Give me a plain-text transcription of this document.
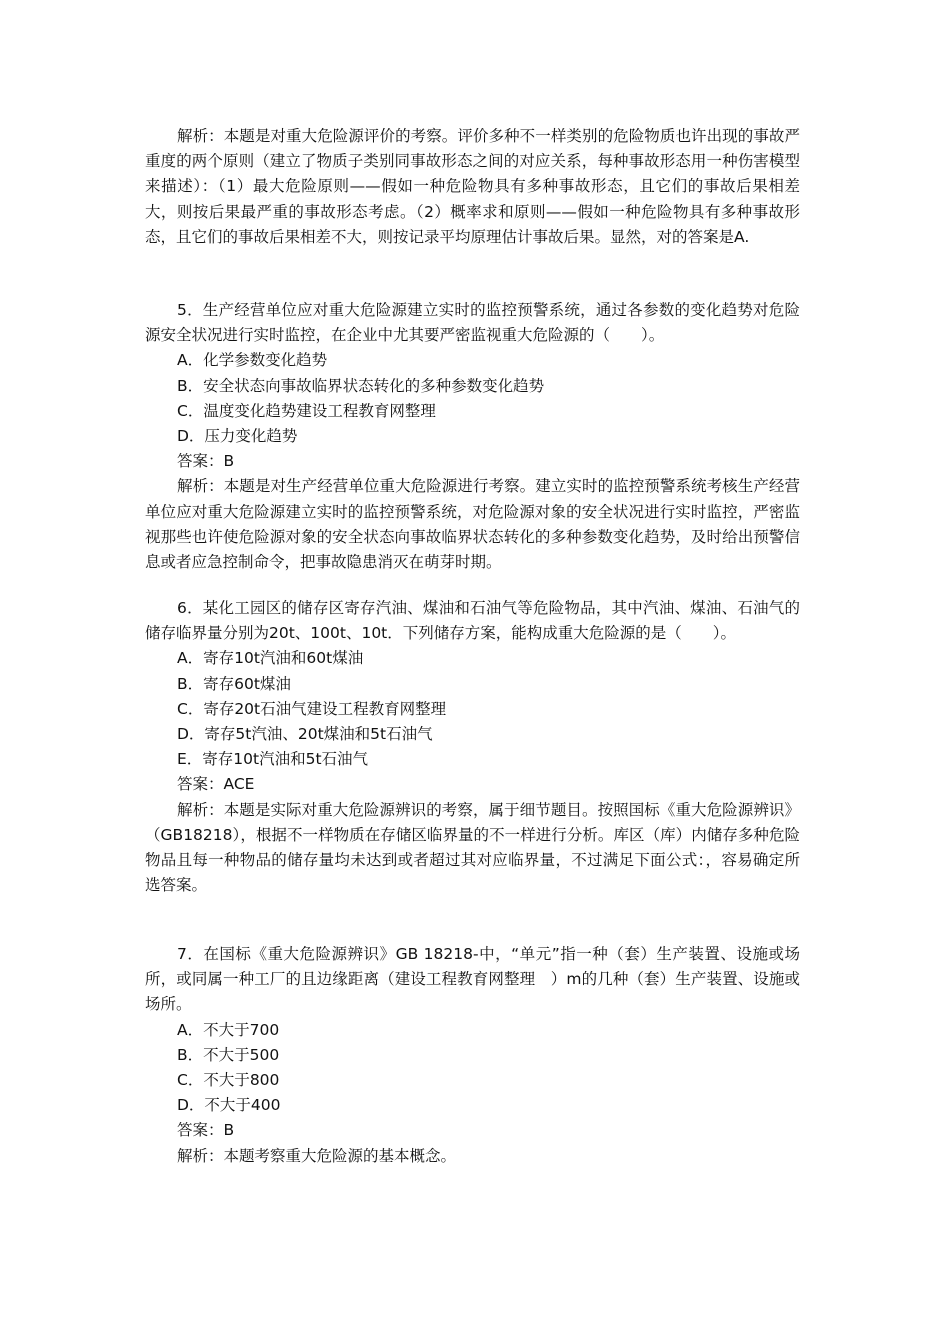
解析：本题是对重大危险源评价的考察。评价多种不一样类别的危险物质也许出现的事故严重度的两个原则（建立了物质子类别同事故形态之间的对应关系，每种事故形态用一种伤害模型来描述）：（1）最大危险原则——假如一种危险物具有多种事故形态，且它们的事故后果相差大，则按后果最严重的事故形态考虑。（2）概率求和原则——假如一种危险物具有多种事故形态，且它们的事故后果相差不大，则按记录平均原理估计事故后果。显然，对的答案是A.

5．生产经营单位应对重大危险源建立实时的监控预警系统，通过各参数的变化趋势对危险源安全状况进行实时监控，在企业中尤其要严密监视重大危险源的（　　）。

A．化学参数变化趋势

B．安全状态向事故临界状态转化的多种参数变化趋势

C．温度变化趋势建设工程教育网整理

D．压力变化趋势

答案：B

解析：本题是对生产经营单位重大危险源进行考察。建立实时的监控预警系统考核生产经营单位应对重大危险源建立实时的监控预警系统，对危险源对象的安全状况进行实时监控，严密监视那些也许使危险源对象的安全状态向事故临界状态转化的多种参数变化趋势，及时给出预警信息或者应急控制命令，把事故隐患消灭在萌芽时期。

6．某化工园区的储存区寄存汽油、煤油和石油气等危险物品，其中汽油、煤油、石油气的储存临界量分别为20t、100t、10t．下列储存方案，能构成重大危险源的是（　　）。

A．寄存10t汽油和60t煤油

B．寄存60t煤油

C．寄存20t石油气建设工程教育网整理

D．寄存5t汽油、20t煤油和5t石油气

E．寄存10t汽油和5t石油气

答案：ACE

解析：本题是实际对重大危险源辨识的考察，属于细节题目。按照国标《重大危险源辨识》（GB18218），根据不一样物质在存储区临界量的不一样进行分析。库区（库）内储存多种危险物品且每一种物品的储存量均未达到或者超过其对应临界量，不过满足下面公式：，容易确定所选答案。

7．在国标《重大危险源辨识》GB 18218-中，“单元”指一种（套）生产装置、设施或场所，或同属一种工厂的且边缘距离（建设工程教育网整理　）m的几种（套）生产装置、设施或场所。

A．不大于700

B．不大于500

C．不大于800

D．不大于400

答案：B

解析：本题考察重大危险源的基本概念。
